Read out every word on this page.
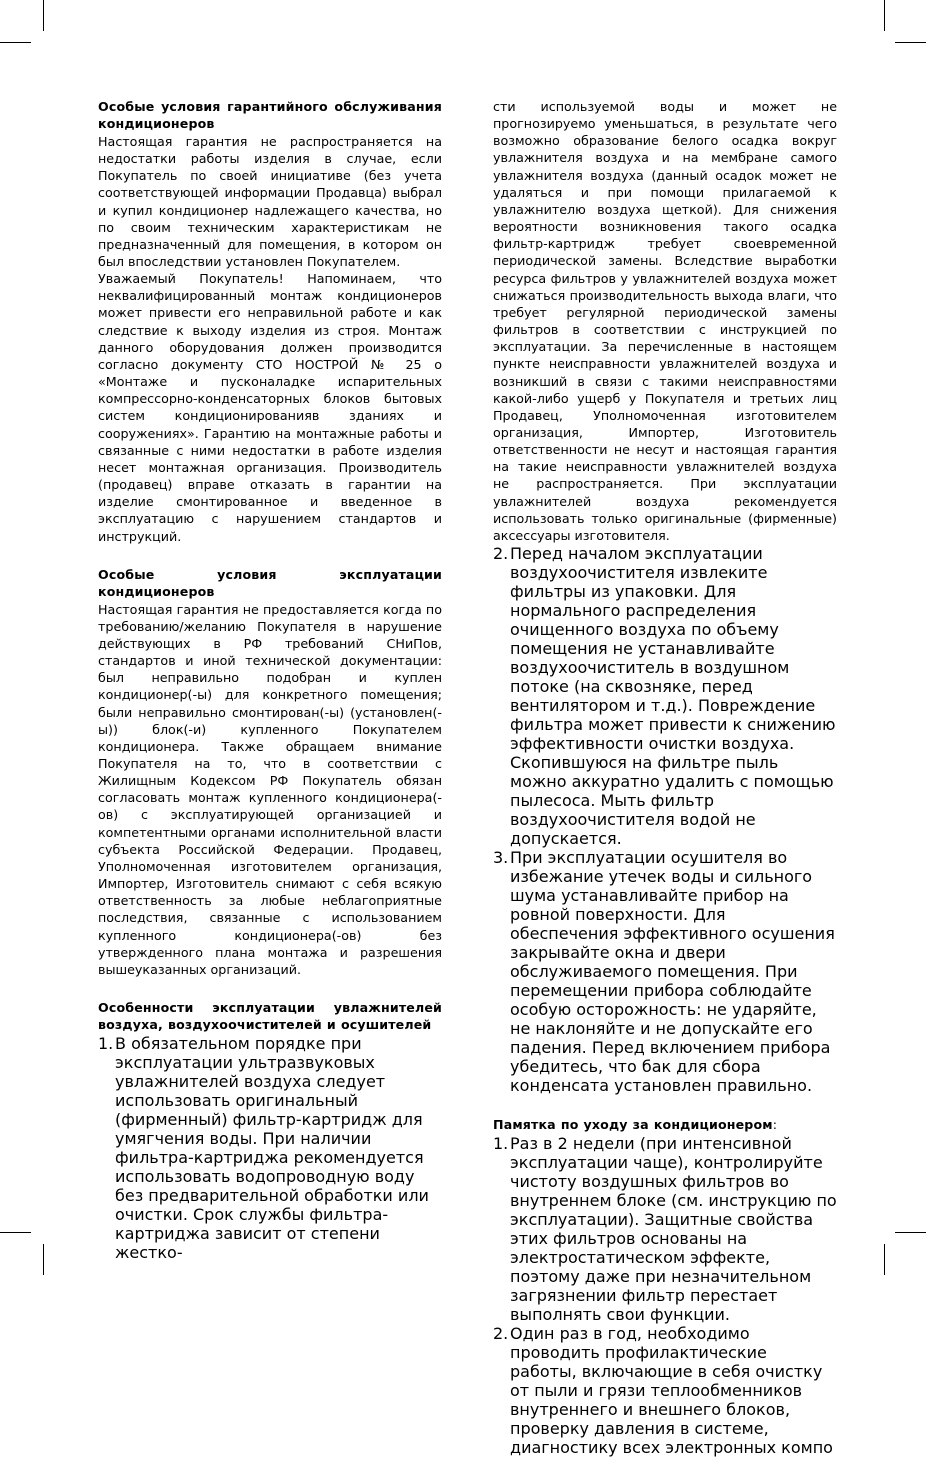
Особые условия гарантийного обслуживания кондиционеров

Настоящая гарантия не распространяется на недостатки работы изделия в случае, если Покупатель по своей инициативе (без учета соответствующей информации Продавца) выбрал и купил кондиционер надлежащего качества, но по своим техническим характеристикам не предназначенный для помещения, в котором он был впоследствии установлен Покупателем.

Уважаемый Покупатель! Напоминаем, что неквалифицированный монтаж кондиционеров может привести его неправильной работе и как следствие к выходу изделия из строя. Монтаж данного оборудования должен производится согласно документу СТО НОСТРОЙ № 25 о «Монтаже и пусконаладке испарительных компрессорно-конденсаторных блоков бытовых систем кондиционированияв зданиях и сооружениях». Гарантию на монтажные работы и связанные с ними недостатки в работе изделия несет монтажная организация. Производитель (продавец) вправе отказать в гарантии на изделие смонтированное и введенное в эксплуатацию с нарушением стандартов и инструкций.

Особые условия эксплуатации кондиционеров

Настоящая гарантия не предоставляется когда по требованию/желанию Покупателя в нарушение действующих в РФ требований СНиПов, стандартов и иной технической документации: был неправильно подобран и куплен кондиционер(-ы) для конкретного помещения; были неправильно смонтирован(-ы) (установлен(-ы)) блок(-и) купленного Покупателем кондиционера. Также обращаем внимание Покупателя на то, что в соответствии с Жилищным Кодексом РФ Покупатель обязан согласовать монтаж купленного кондиционера(-ов) с эксплуатирующей организацией и компетентными органами исполнительной власти субъекта Российской Федерации. Продавец, Уполномоченная изготовителем организация, Импортер, Изготовитель снимают с себя всякую ответственность за любые неблагоприятные последствия, связанные с использованием купленного кондиционера(-ов) без утвержденного плана монтажа и разрешения вышеуказанных организаций.

Особенности эксплуатации увлажнителей воздуха, воздухоочистителей и осушителей
1. В обязательном порядке при эксплуатации ультразвуковых увлажнителей воздуха следует использовать оригинальный (фирменный) фильтр-картридж для умягчения воды. При наличии фильтра-картриджа рекомендуется использовать водопроводную воду без предварительной обработки или очистки. Срок службы фильтра-картриджа зависит от степени жестко-

сти используемой воды и может не прогнозируемо уменьшаться, в результате чего возможно образование белого осадка вокруг увлажнителя воздуха и на мембране самого увлажнителя воздуха (данный осадок может не удаляться и при помощи прилагаемой к увлажнителю воздуха щеткой). Для снижения вероятности возникновения такого осадка фильтр-картридж требует своевременной периодической замены. Вследствие выработки ресурса фильтров у увлажнителей воздуха может снижаться производительность выхода влаги, что требует регулярной периодической замены фильтров в соответствии с инструкцией по эксплуатации. За перечисленные в настоящем пункте неисправности увлажнителей воздуха и возникший в связи с такими неисправностями какой-либо ущерб у Покупателя и третьих лиц Продавец, Уполномоченная изготовителем организация, Импортер, Изготовитель ответственности не несут и настоящая гарантия на такие неисправности увлажнителей воздуха не распространяется. При эксплуатации увлажнителей воздуха рекомендуется использовать только оригинальные (фирменные) аксессуары изготовителя.

2. Перед началом эксплуатации воздухоочистителя извлеките фильтры из упаковки. Для нормального распределения очищенного воздуха по объему помещения не устанавливайте воздухоочиститель в воздушном потоке (на сквозняке, перед вентилятором и т.д.). Повреждение фильтра может привести к снижению эффективности очистки воздуха. Скопившуюся на фильтре пыль можно аккуратно удалить с помощью пылесоса. Мыть фильтр воздухоочистителя водой не допускается.
3. При эксплуатации осушителя во избежание утечек воды и сильного шума устанавливайте прибор на ровной поверхности. Для обеспечения эффективного осушения закрывайте окна и двери обслуживаемого помещения. При перемещении прибора соблюдайте особую осторожность: не ударяйте, не наклоняйте и не допускайте его падения. Перед включением прибора убедитесь, что бак для сбора конденсата установлен правильно.
Памятка по уходу за кондиционером:
1. Раз в 2 недели (при интенсивной эксплуатации чаще), контролируйте чистоту воздушных фильтров во внутреннем блоке (см. инструкцию по эксплуатации). Защитные свойства этих фильтров основаны на электростатическом эффекте, поэтому даже при незначительном загрязнении фильтр перестает выполнять свои функции.
2. Один раз в год, необходимо проводить профилактические работы, включающие в себя очистку от пыли и грязи теплообменников внутреннего и внешнего блоков, проверку давления в системе, диагностику всех электронных компо
